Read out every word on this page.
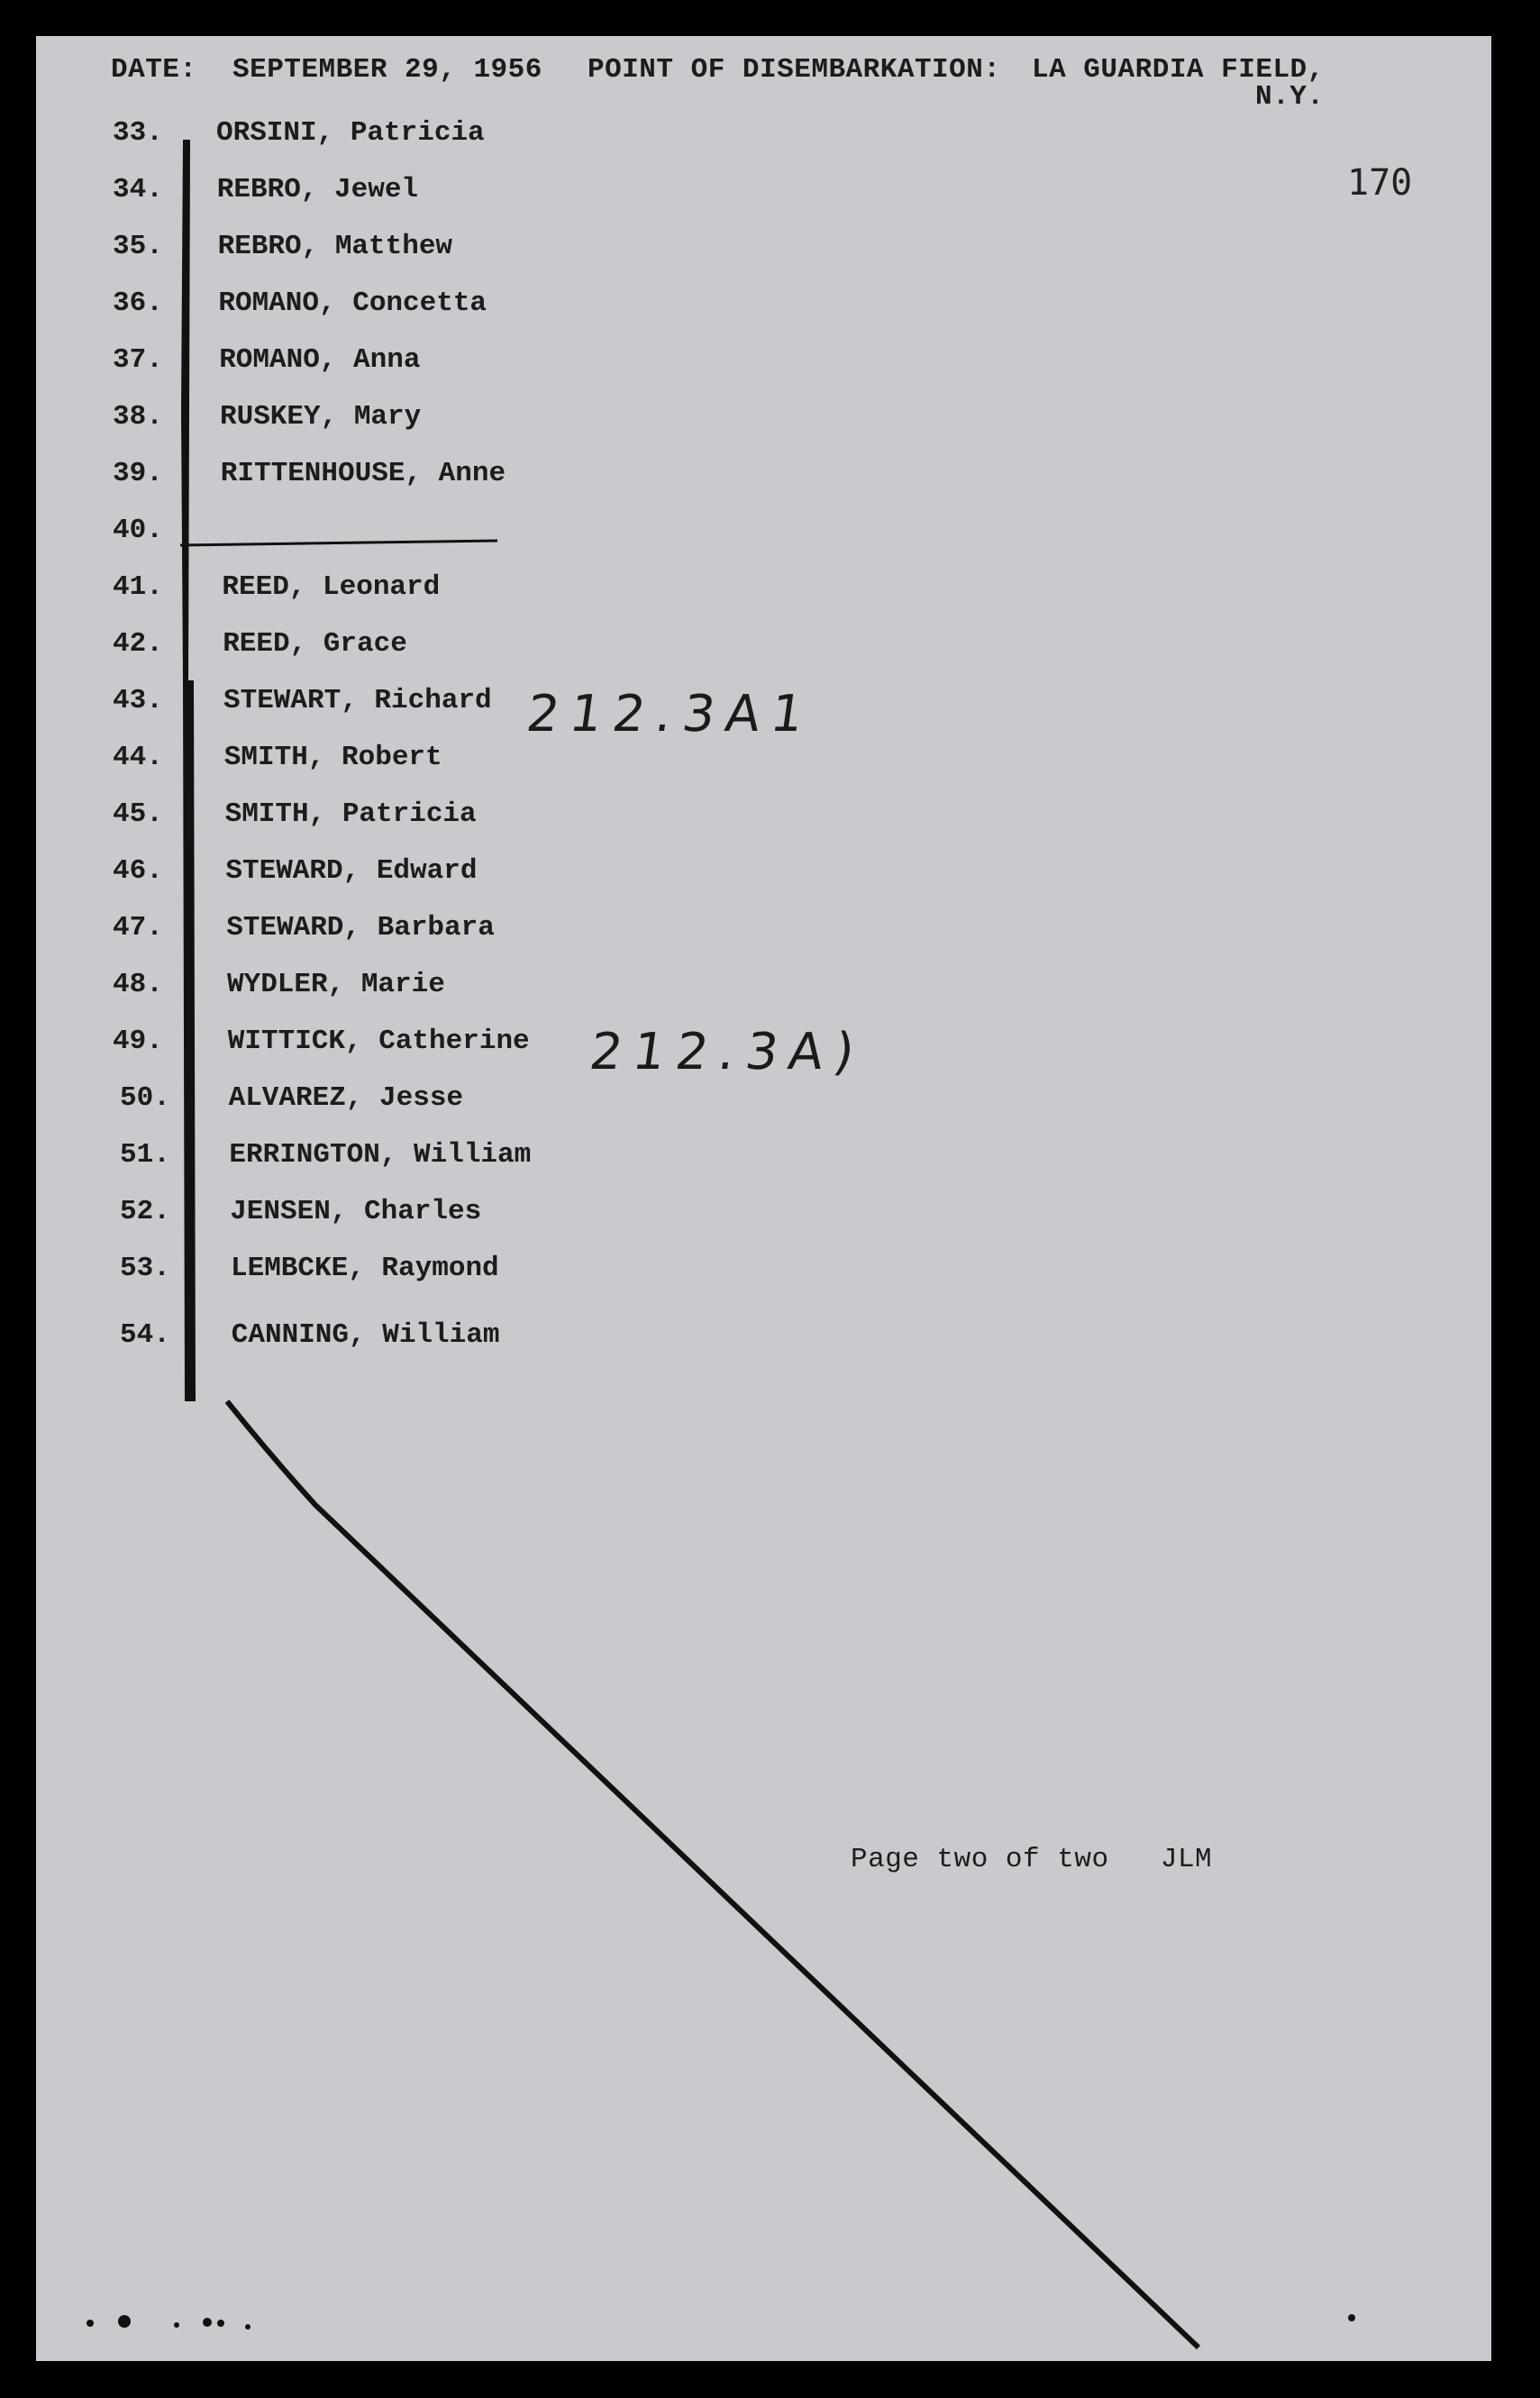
DATE: SEPTEMBER 29, 1956 POINT OF DISEMBARKATION: LA GUARDIA FIELD,
N.Y.
170
33.	ORSINI, Patricia
34.	REBRO, Jewel
35.	REBRO, Matthew
36.	ROMANO, Concetta
37.	ROMANO, Anna
38.	RUSKEY, Mary
39.	RITTENHOUSE, Anne
40.
41.	REED, Leonard
42.	REED, Grace
43.	STEWART, Richard
44.	SMITH, Robert
45.	SMITH, Patricia
46.	STEWARD, Edward
47.	STEWARD, Barbara
48.	WYDLER, Marie
49.	WITTICK, Catherine
50.	ALVAREZ, Jesse
51.	ERRINGTON, William
52.	JENSEN, Charles
53.	LEMBCKE, Raymond
54.	CANNING, William
212.3A1
212.3A)
Page two of two   JLM
